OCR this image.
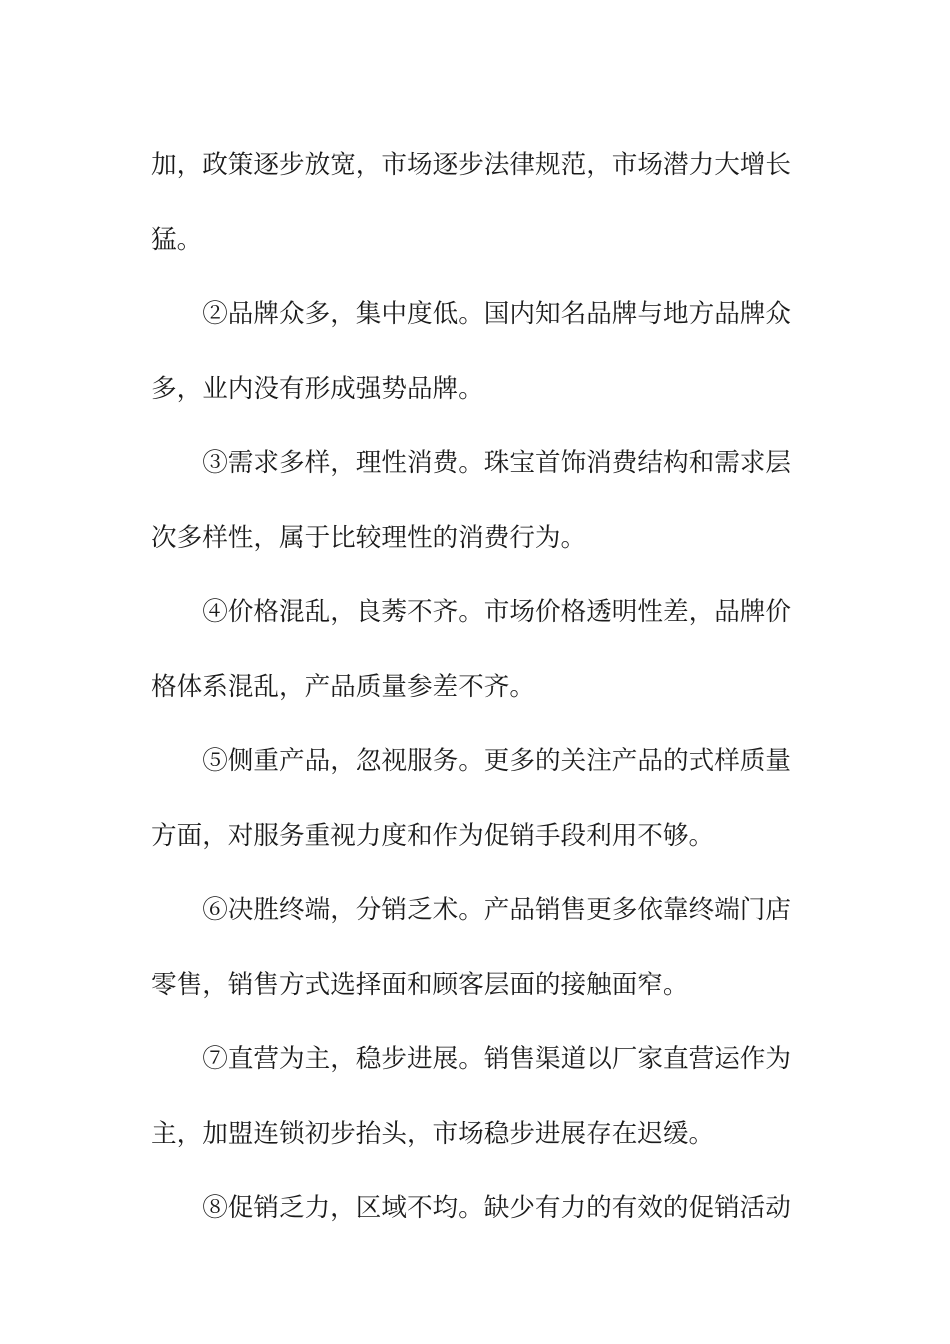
加，政策逐步放宽，市场逐步法律规范，市场潜力大增长猛。

②品牌众多，集中度低。国内知名品牌与地方品牌众多，业内没有形成强势品牌。

③需求多样，理性消费。珠宝首饰消费结构和需求层次多样性，属于比较理性的消费行为。

④价格混乱，良莠不齐。市场价格透明性差，品牌价格体系混乱，产品质量参差不齐。

⑤侧重产品，忽视服务。更多的关注产品的式样质量方面，对服务重视力度和作为促销手段利用不够。

⑥决胜终端，分销乏术。产品销售更多依靠终端门店零售，销售方式选择面和顾客层面的接触面窄。

⑦直营为主，稳步进展。销售渠道以厂家直营运作为主，加盟连锁初步抬头，市场稳步进展存在迟缓。

⑧促销乏力，区域不均。缺少有力的有效的促销活动
